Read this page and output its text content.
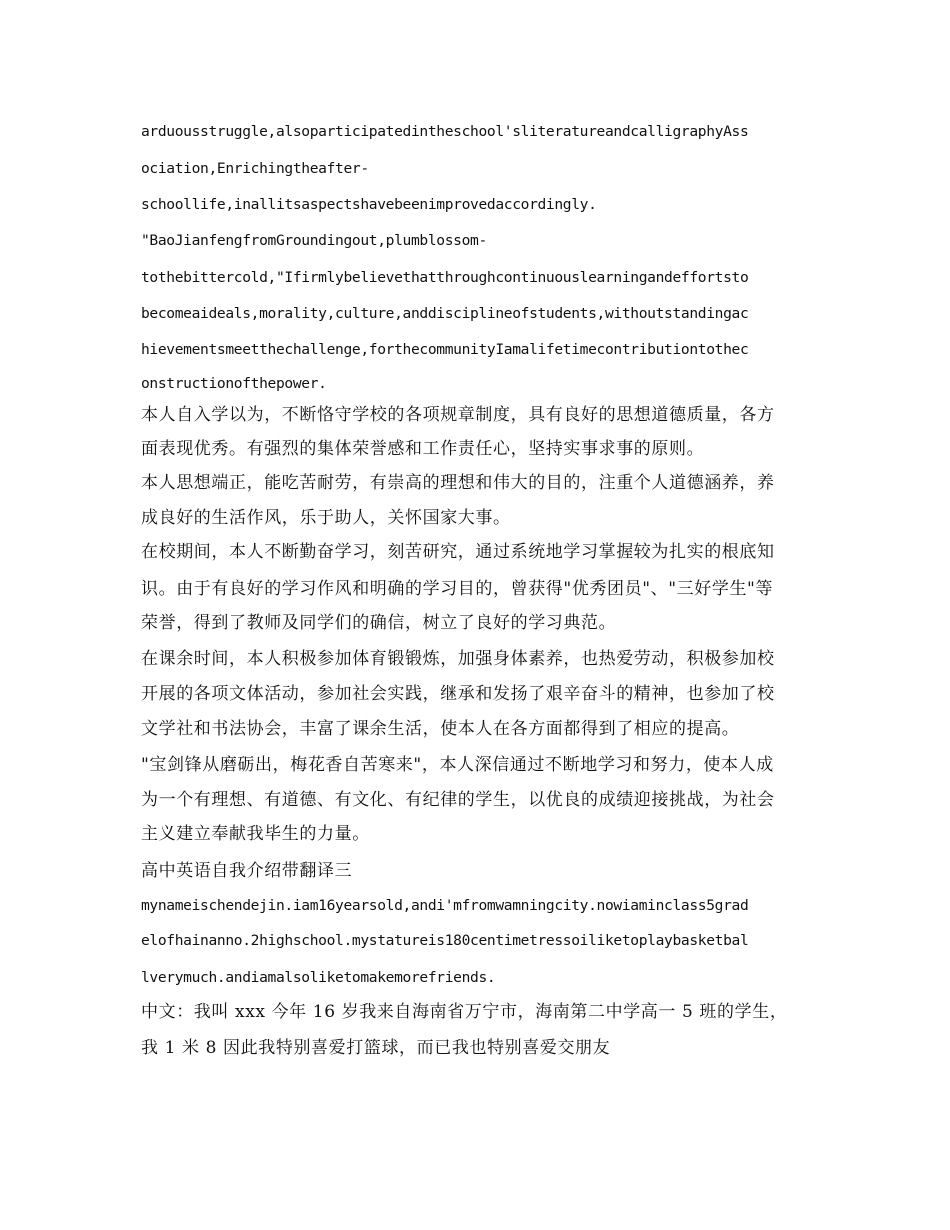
arduousstruggle,alsoparticipatedintheschool'sliteratureandcalligraphyAss
ociation,Enrichingtheafter-
schoollife,inallitsaspectshavebeenimprovedaccordingly.
"BaoJianfengfromGroundingout,plumblossom-
tothebittercold,"Ifirmlybelievethatthroughcontinuouslearningandeffortsto
becomeaideals,morality,culture,anddisciplineofstudents,withoutstandingac
hievementsmeetthechallenge,forthecommunityIamalifetimecontributiontothec
onstructionofthepower.
本人自入学以为，不断恪守学校的各项规章制度，具有良好的思想道德质量，各方
面表现优秀。有强烈的集体荣誉感和工作责任心，坚持实事求事的原则。
本人思想端正，能吃苦耐劳，有崇高的理想和伟大的目的，注重个人道德涵养，养
成良好的生活作风，乐于助人，关怀国家大事。
在校期间，本人不断勤奋学习，刻苦研究，通过系统地学习掌握较为扎实的根底知
识。由于有良好的学习作风和明确的学习目的，曾获得"优秀团员"、"三好学生"等
荣誉，得到了教师及同学们的确信，树立了良好的学习典范。
在课余时间，本人积极参加体育锻锻炼，加强身体素养，也热爱劳动，积极参加校
开展的各项文体活动，参加社会实践，继承和发扬了艰辛奋斗的精神，也参加了校
文学社和书法协会，丰富了课余生活，使本人在各方面都得到了相应的提高。
"宝剑锋从磨砺出，梅花香自苦寒来"，本人深信通过不断地学习和努力，使本人成
为一个有理想、有道德、有文化、有纪律的学生，以优良的成绩迎接挑战，为社会
主义建立奉献我毕生的力量。
高中英语自我介绍带翻译三
mynameischendejin.iam16yearsold,andi'mfromwamningcity.nowiaminclass5grad
elofhainanno.2highschool.mystatureis180centimetressoiliketoplaybasketbal
lverymuch.andiamalsoliketomakemorefriends.
中文：我叫 xxx 今年 16 岁我来自海南省万宁市，海南第二中学高一 5 班的学生，
我 1 米 8 因此我特别喜爱打篮球，而已我也特别喜爱交朋友
